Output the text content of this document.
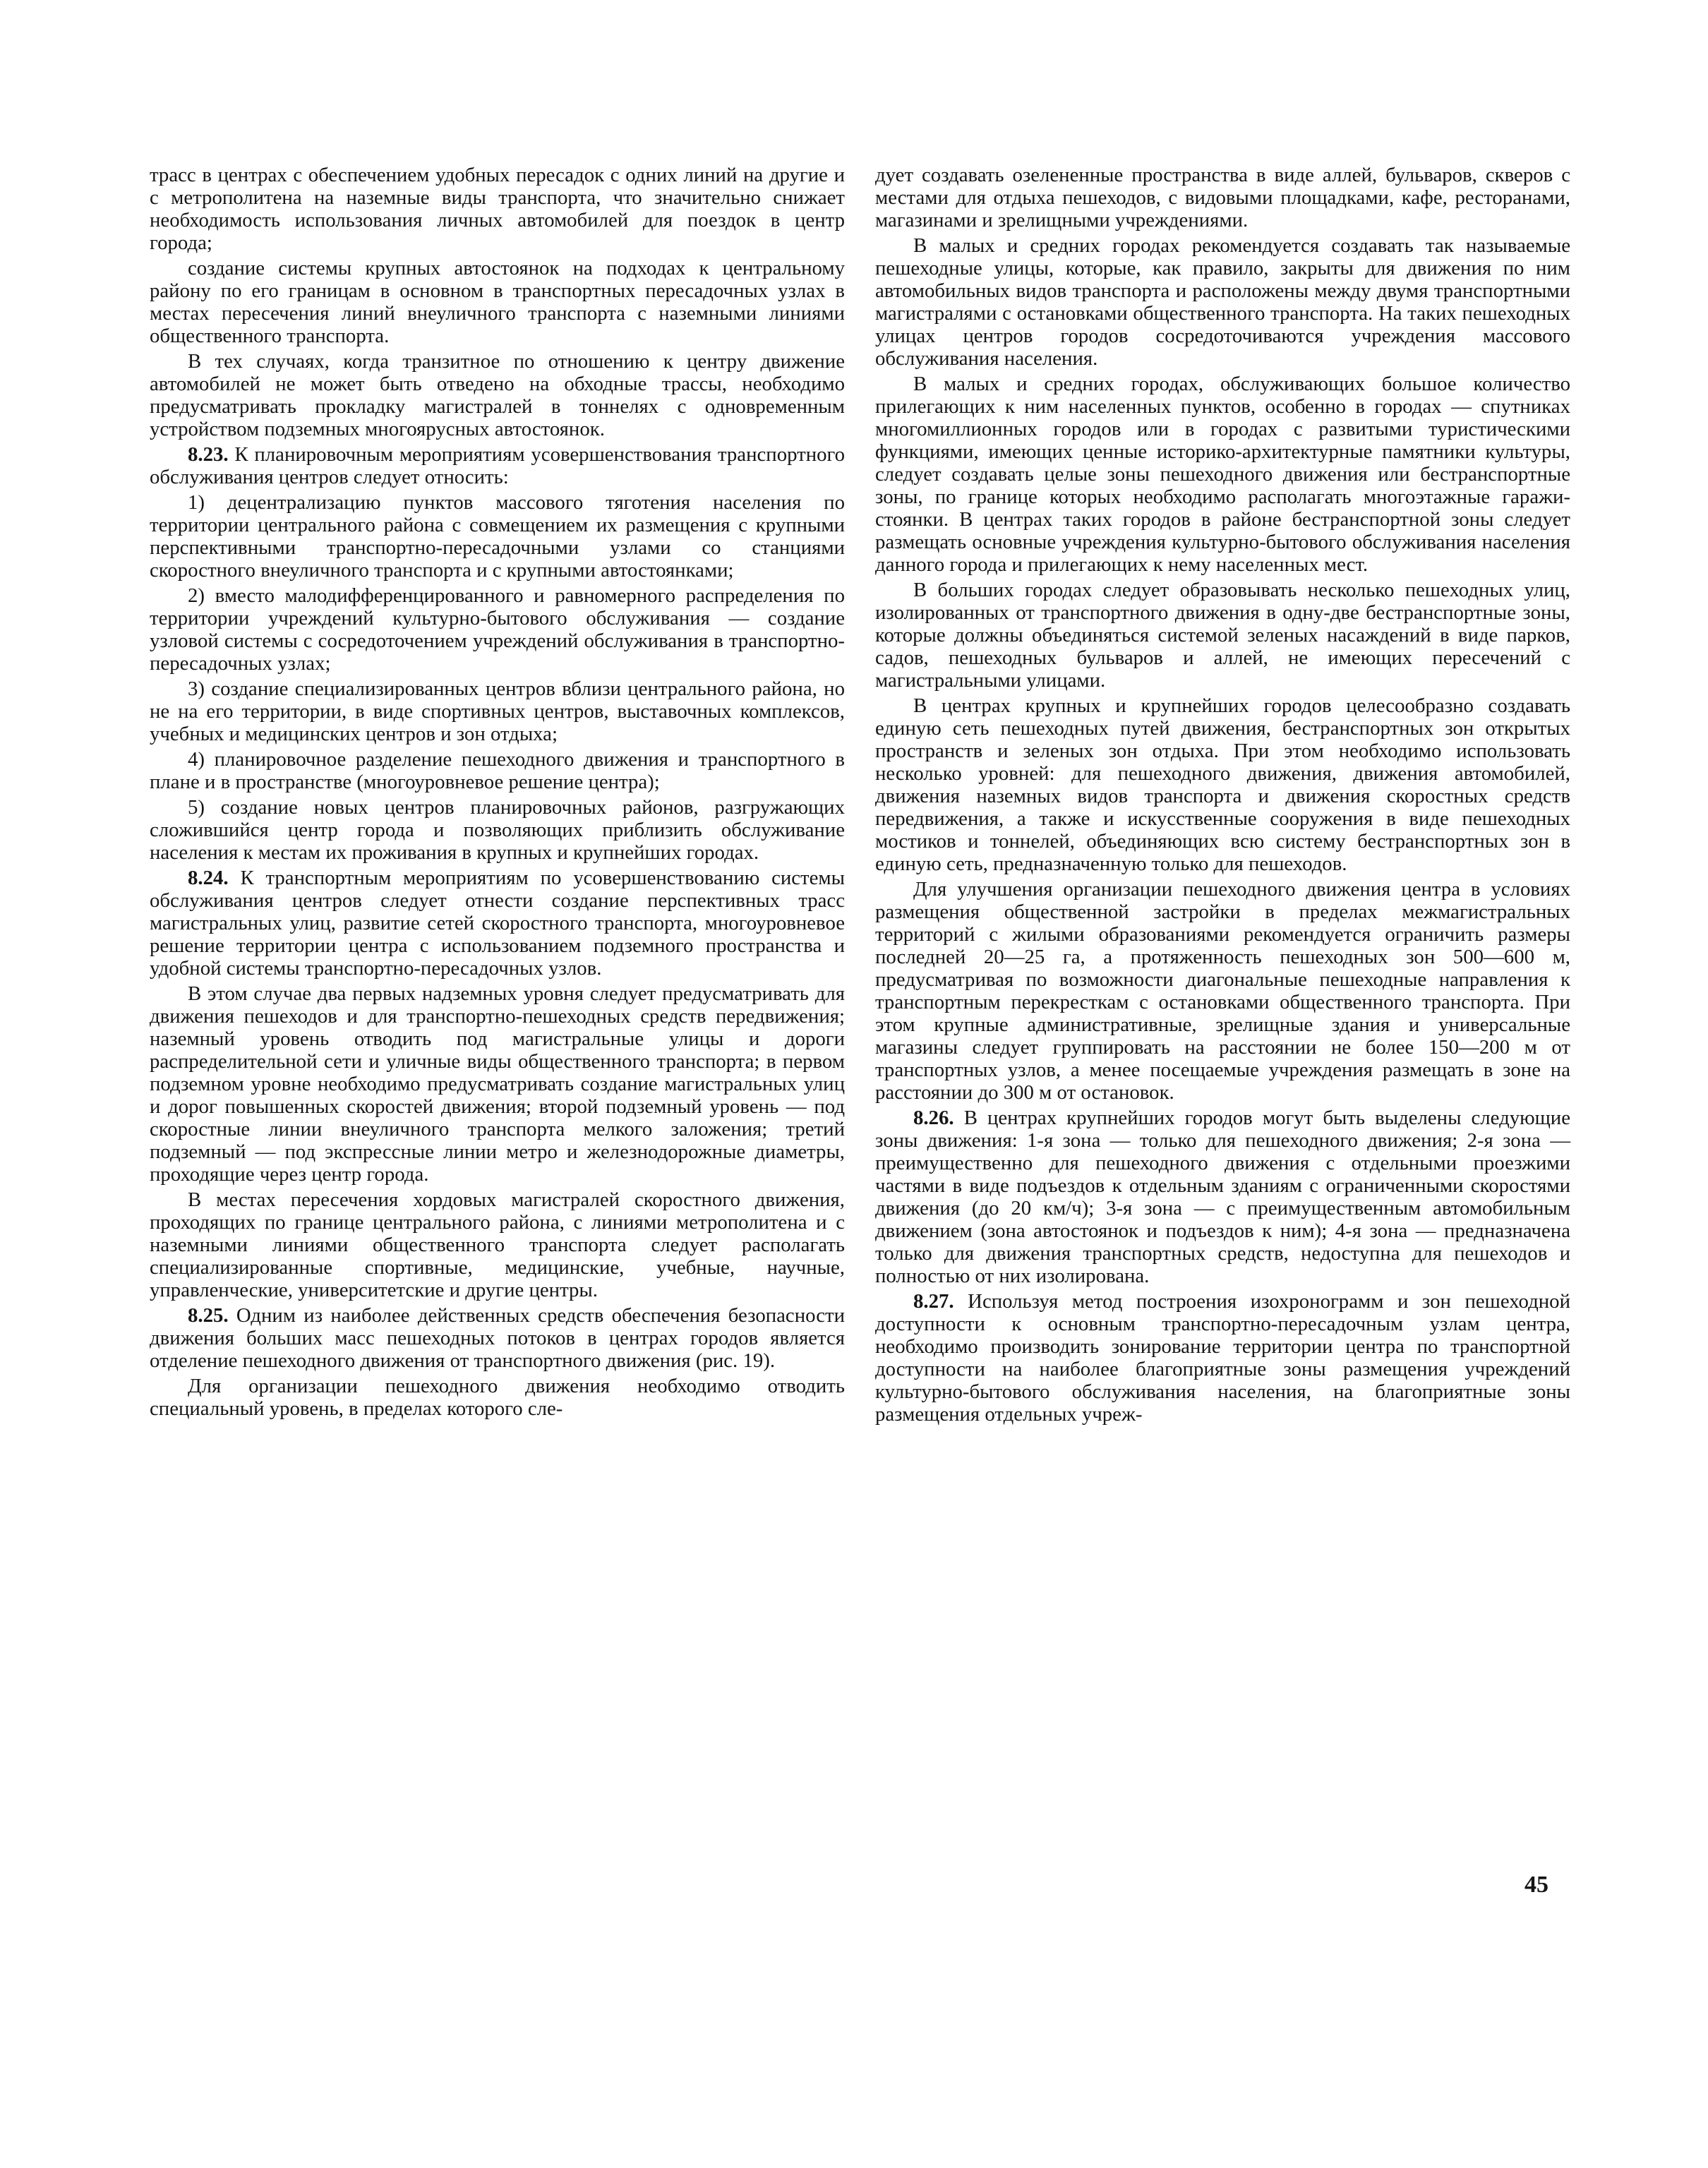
трасс в центрах с обеспечением удобных пересадок с одних линий на другие и с метрополитена на наземные виды транспорта, что значительно снижает необходимость использования личных автомобилей для поездок в центр города;

создание системы крупных автостоянок на подходах к центральному району по его границам в основном в транспортных пересадочных узлах в местах пересечения линий внеуличного транспорта с наземными линиями общественного транспорта.

В тех случаях, когда транзитное по отношению к центру движение автомобилей не может быть отведено на обходные трассы, необходимо предусматривать прокладку магистралей в тоннелях с одновременным устройством подземных многоярусных автостоянок.

8.23. К планировочным мероприятиям усовершенствования транспортного обслуживания центров следует относить:

1) децентрализацию пунктов массового тяготения населения по территории центрального района с совмещением их размещения с крупными перспективными транспортно-пересадочными узлами со станциями скоростного внеуличного транспорта и с крупными автостоянками;

2) вместо малодифференцированного и равномерного распределения по территории учреждений культурно-бытового обслуживания — создание узловой системы с сосредоточением учреждений обслуживания в транспортно-пересадочных узлах;

3) создание специализированных центров вблизи центрального района, но не на его территории, в виде спортивных центров, выставочных комплексов, учебных и медицинских центров и зон отдыха;

4) планировочное разделение пешеходного движения и транспортного в плане и в пространстве (многоуровневое решение центра);

5) создание новых центров планировочных районов, разгружающих сложившийся центр города и позволяющих приблизить обслуживание населения к местам их проживания в крупных и крупнейших городах.

8.24. К транспортным мероприятиям по усовершенствованию системы обслуживания центров следует отнести создание перспективных трасс магистральных улиц, развитие сетей скоростного транспорта, многоуровневое решение территории центра с использованием подземного пространства и удобной системы транспортно-пересадочных узлов.

В этом случае два первых надземных уровня следует предусматривать для движения пешеходов и для транспортно-пешеходных средств передвижения; наземный уровень отводить под магистральные улицы и дороги распределительной сети и уличные виды общественного транспорта; в первом подземном уровне необходимо предусматривать создание магистральных улиц и дорог повышенных скоростей движения; второй подземный уровень — под скоростные линии внеуличного транспорта мелкого заложения; третий подземный — под экспрессные линии метро и железнодорожные диаметры, проходящие через центр города.

В местах пересечения хордовых магистралей скоростного движения, проходящих по границе центрального района, с линиями метрополитена и с наземными линиями общественного транспорта следует располагать специализированные спортивные, медицинские, учебные, научные, управленческие, университетские и другие центры.

8.25. Одним из наиболее действенных средств обеспечения безопасности движения больших масс пешеходных потоков в центрах городов является отделение пешеходного движения от транспортного движения (рис. 19).

Для организации пешеходного движения необходимо отводить специальный уровень, в пределах которого сле-

дует создавать озелененные пространства в виде аллей, бульваров, скверов с местами для отдыха пешеходов, с видовыми площадками, кафе, ресторанами, магазинами и зрелищными учреждениями.

В малых и средних городах рекомендуется создавать так называемые пешеходные улицы, которые, как правило, закрыты для движения по ним автомобильных видов транспорта и расположены между двумя транспортными магистралями с остановками общественного транспорта. На таких пешеходных улицах центров городов сосредоточиваются учреждения массового обслуживания населения.

В малых и средних городах, обслуживающих большое количество прилегающих к ним населенных пунктов, особенно в городах — спутниках многомиллионных городов или в городах с развитыми туристическими функциями, имеющих ценные историко-архитектурные памятники культуры, следует создавать целые зоны пешеходного движения или бестранспортные зоны, по границе которых необходимо располагать многоэтажные гаражи-стоянки. В центрах таких городов в районе бестранспортной зоны следует размещать основные учреждения культурно-бытового обслуживания населения данного города и прилегающих к нему населенных мест.

В больших городах следует образовывать несколько пешеходных улиц, изолированных от транспортного движения в одну-две бестранспортные зоны, которые должны объединяться системой зеленых насаждений в виде парков, садов, пешеходных бульваров и аллей, не имеющих пересечений с магистральными улицами.

В центрах крупных и крупнейших городов целесообразно создавать единую сеть пешеходных путей движения, бестранспортных зон открытых пространств и зеленых зон отдыха. При этом необходимо использовать несколько уровней: для пешеходного движения, движения автомобилей, движения наземных видов транспорта и движения скоростных средств передвижения, а также и искусственные сооружения в виде пешеходных мостиков и тоннелей, объединяющих всю систему бестранспортных зон в единую сеть, предназначенную только для пешеходов.

Для улучшения организации пешеходного движения центра в условиях размещения общественной застройки в пределах межмагистральных территорий с жилыми образованиями рекомендуется ограничить размеры последней 20—25 га, а протяженность пешеходных зон 500—600 м, предусматривая по возможности диагональные пешеходные направления к транспортным перекресткам с остановками общественного транспорта. При этом крупные административные, зрелищные здания и универсальные магазины следует группировать на расстоянии не более 150—200 м от транспортных узлов, а менее посещаемые учреждения размещать в зоне на расстоянии до 300 м от остановок.

8.26. В центрах крупнейших городов могут быть выделены следующие зоны движения: 1-я зона — только для пешеходного движения; 2-я зона — преимущественно для пешеходного движения с отдельными проезжими частями в виде подъездов к отдельным зданиям с ограниченными скоростями движения (до 20 км/ч); 3-я зона — с преимущественным автомобильным движением (зона автостоянок и подъездов к ним); 4-я зона — предназначена только для движения транспортных средств, недоступна для пешеходов и полностью от них изолирована.

8.27. Используя метод построения изохронограмм и зон пешеходной доступности к основным транспортно-пересадочным узлам центра, необходимо производить зонирование территории центра по транспортной доступности на наиболее благоприятные зоны размещения учреждений культурно-бытового обслуживания населения, на благоприятные зоны размещения отдельных учреж-

45
